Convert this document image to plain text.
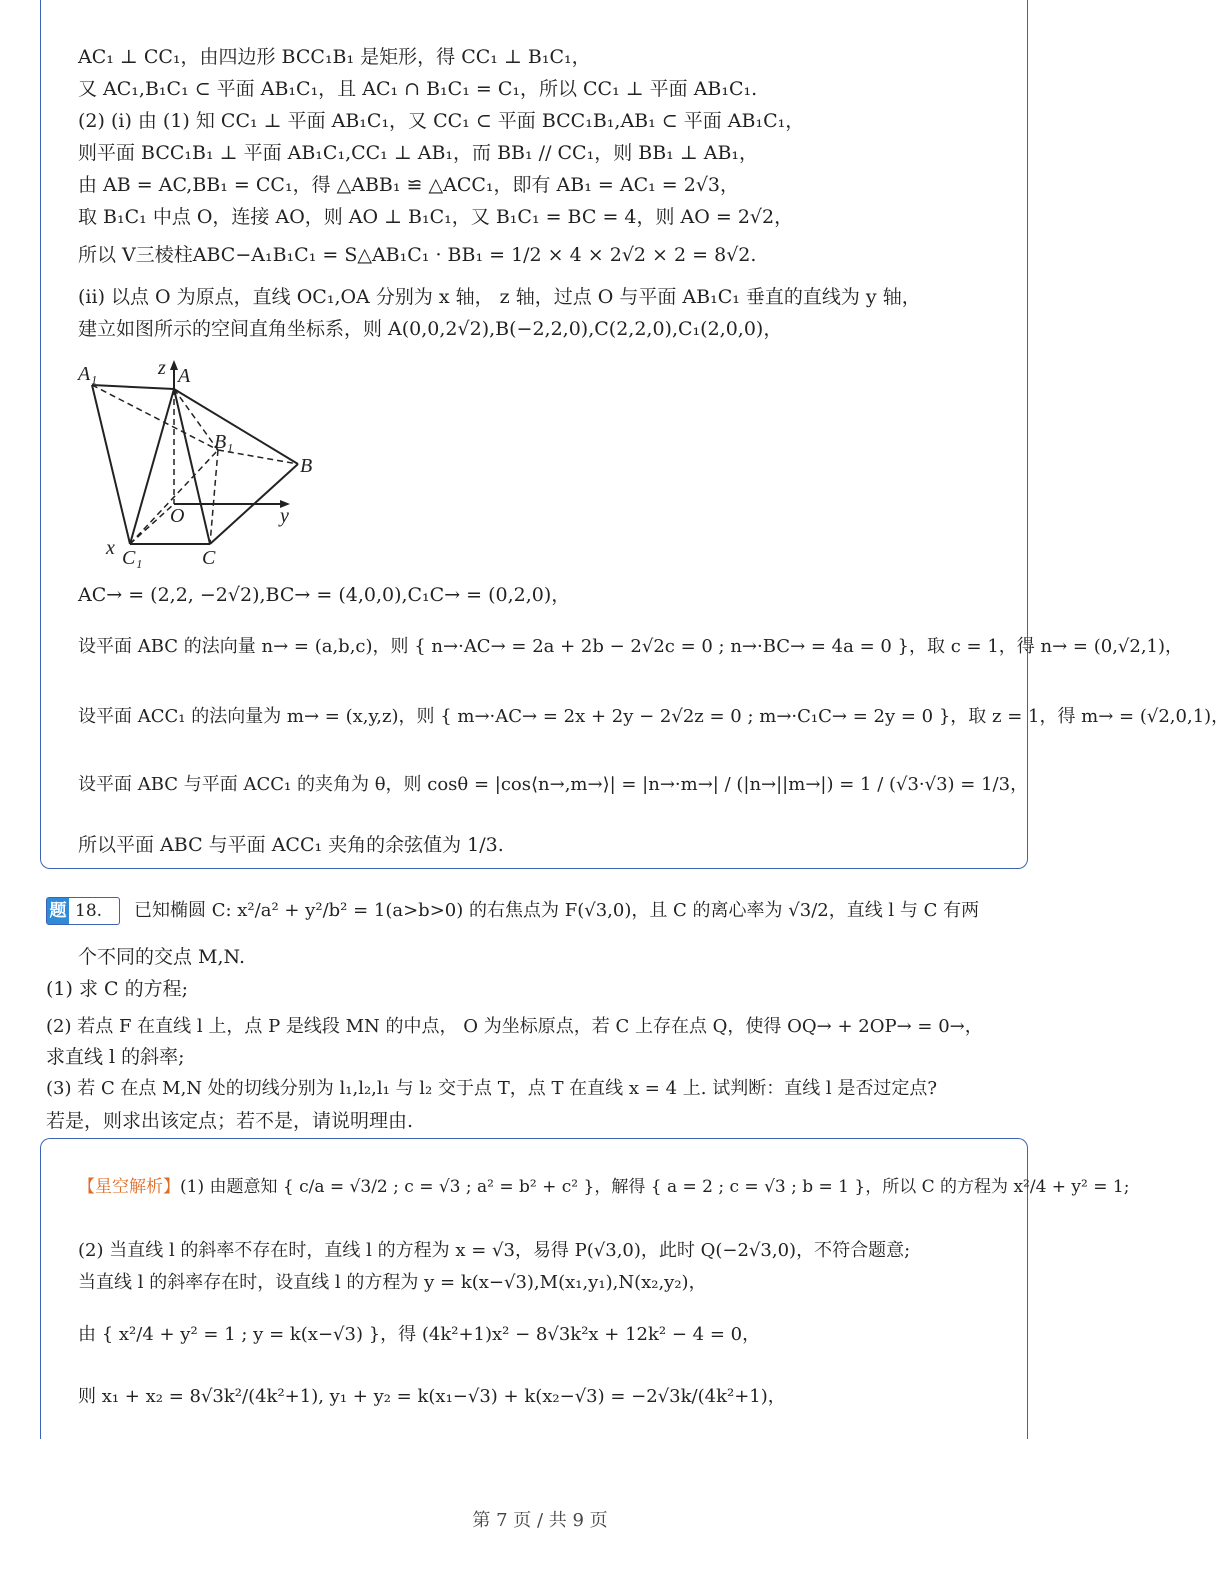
AC₁ ⊥ CC₁，由四边形 BCC₁B₁ 是矩形，得 CC₁ ⊥ B₁C₁，
又 AC₁,B₁C₁ ⊂ 平面 AB₁C₁，且 AC₁ ∩ B₁C₁ = C₁，所以 CC₁ ⊥ 平面 AB₁C₁.
(2) (i) 由 (1) 知 CC₁ ⊥ 平面 AB₁C₁，又 CC₁ ⊂ 平面 BCC₁B₁,AB₁ ⊂ 平面 AB₁C₁，
则平面 BCC₁B₁ ⊥ 平面 AB₁C₁,CC₁ ⊥ AB₁，而 BB₁ // CC₁，则 BB₁ ⊥ AB₁，
由 AB = AC,BB₁ = CC₁，得 △ABB₁ ≌ △ACC₁，即有 AB₁ = AC₁ = 2√3，
取 B₁C₁ 中点 O，连接 AO，则 AO ⊥ B₁C₁，又 B₁C₁ = BC = 4，则 AO = 2√2，
所以 V三棱柱ABC−A₁B₁C₁ = S△AB₁C₁ · BB₁ = 1/2 × 4 × 2√2 × 2 = 8√2.
(ii) 以点 O 为原点，直线 OC₁,OA 分别为 x 轴， z 轴，过点 O 与平面 AB₁C₁ 垂直的直线为 y 轴，
建立如图所示的空间直角坐标系，则 A(0,0,2√2),B(−2,2,0),C(2,2,0),C₁(2,0,0)，
A₁	z A
B₁
B
O	y
x C₁	C
AC→ = (2,2, −2√2),BC→ = (4,0,0),C₁C→ = (0,2,0)，
设平面 ABC 的法向量 n→ = (a,b,c)，则 { n→·AC→ = 2a + 2b − 2√2c = 0 ; n→·BC→ = 4a = 0 }，取 c = 1，得 n→ = (0,√2,1)，
设平面 ACC₁ 的法向量为 m→ = (x,y,z)，则 { m→·AC→ = 2x + 2y − 2√2z = 0 ; m→·C₁C→ = 2y = 0 }，取 z = 1，得 m→ = (√2,0,1)，
设平面 ABC 与平面 ACC₁ 的夹角为 θ，则 cosθ = |cos⟨n→,m→⟩| = |n→·m→| / (|n→||m→|) = 1 / (√3·√3) = 1/3，
所以平面 ABC 与平面 ACC₁ 夹角的余弦值为 1/3.
题 18.	已知椭圆 C: x²/a² + y²/b² = 1(a>b>0) 的右焦点为 F(√3,0)，且 C 的离心率为 √3/2，直线 l 与 C 有两
个不同的交点 M,N.
(1) 求 C 的方程;
(2) 若点 F 在直线 l 上，点 P 是线段 MN 的中点， O 为坐标原点，若 C 上存在点 Q，使得 OQ→ + 2OP→ = 0→，
求直线 l 的斜率;
(3) 若 C 在点 M,N 处的切线分别为 l₁,l₂,l₁ 与 l₂ 交于点 T，点 T 在直线 x = 4 上. 试判断：直线 l 是否过定点?
若是，则求出该定点；若不是，请说明理由.
【星空解析】(1) 由题意知 { c/a = √3/2 ; c = √3 ; a² = b² + c² }，解得 { a = 2 ; c = √3 ; b = 1 }，所以 C 的方程为 x²/4 + y² = 1;
(2) 当直线 l 的斜率不存在时，直线 l 的方程为 x = √3，易得 P(√3,0)，此时 Q(−2√3,0)，不符合题意;
当直线 l 的斜率存在时，设直线 l 的方程为 y = k(x−√3),M(x₁,y₁),N(x₂,y₂)，
由 { x²/4 + y² = 1 ; y = k(x−√3) }，得 (4k²+1)x² − 8√3k²x + 12k² − 4 = 0，
则 x₁ + x₂ = 8√3k²/(4k²+1), y₁ + y₂ = k(x₁−√3) + k(x₂−√3) = −2√3k/(4k²+1)，
第 7 页 / 共 9 页
